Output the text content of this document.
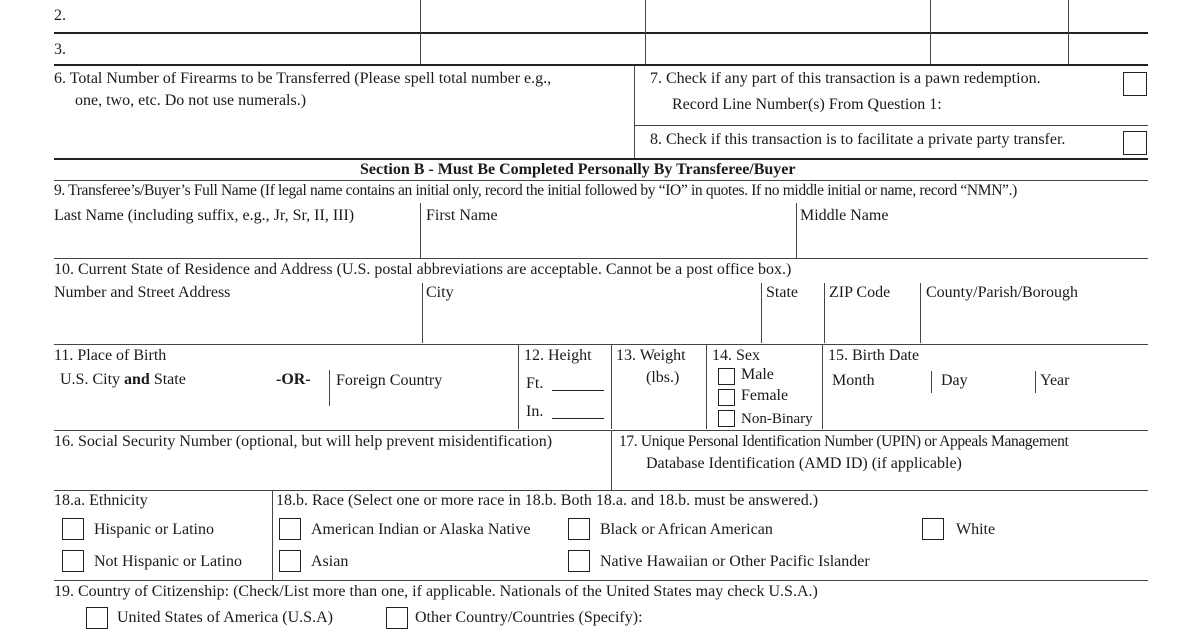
2.
3.
6. Total Number of Firearms to be Transferred (Please spell total number e.g.,
one, two, etc. Do not use numerals.)
7. Check if any part of this transaction is a pawn redemption.
Record Line Number(s) From Question 1:
8. Check if this transaction is to facilitate a private party transfer.
Section B - Must Be Completed Personally By Transferee/Buyer
9. Transferee’s/Buyer’s Full Name (If legal name contains an initial only, record the initial followed by “IO” in quotes. If no middle initial or name, record “NMN”.)
Last Name (including suffix, e.g., Jr, Sr, II, III)	First Name	Middle Name
10. Current State of Residence and Address (U.S. postal abbreviations are acceptable. Cannot be a post office box.)
Number and Street Address	City	State ZIP Code County/Parish/Borough
11. Place of Birth
U.S. City and State	-OR- Foreign Country
12. Height
Ft.
In.
13. Weight
(lbs.)
14. Sex
Male
Female
Non-Binary
15. Birth Date
Month	Day	Year
16. Social Security Number (optional, but will help prevent misidentification)	17. Unique Personal Identification Number (UPIN) or Appeals Management
Database Identification (AMD ID) (if applicable)
18.a. Ethnicity
Hispanic or Latino
Not Hispanic or Latino
18.b. Race (Select one or more race in 18.b. Both 18.a. and 18.b. must be answered.)
American Indian or Alaska Native	Black or African American	White
Asian	Native Hawaiian or Other Pacific Islander
19. Country of Citizenship: (Check/List more than one, if applicable. Nationals of the United States may check U.S.A.)
United States of America (U.S.A)	Other Country/Countries (Specify):
